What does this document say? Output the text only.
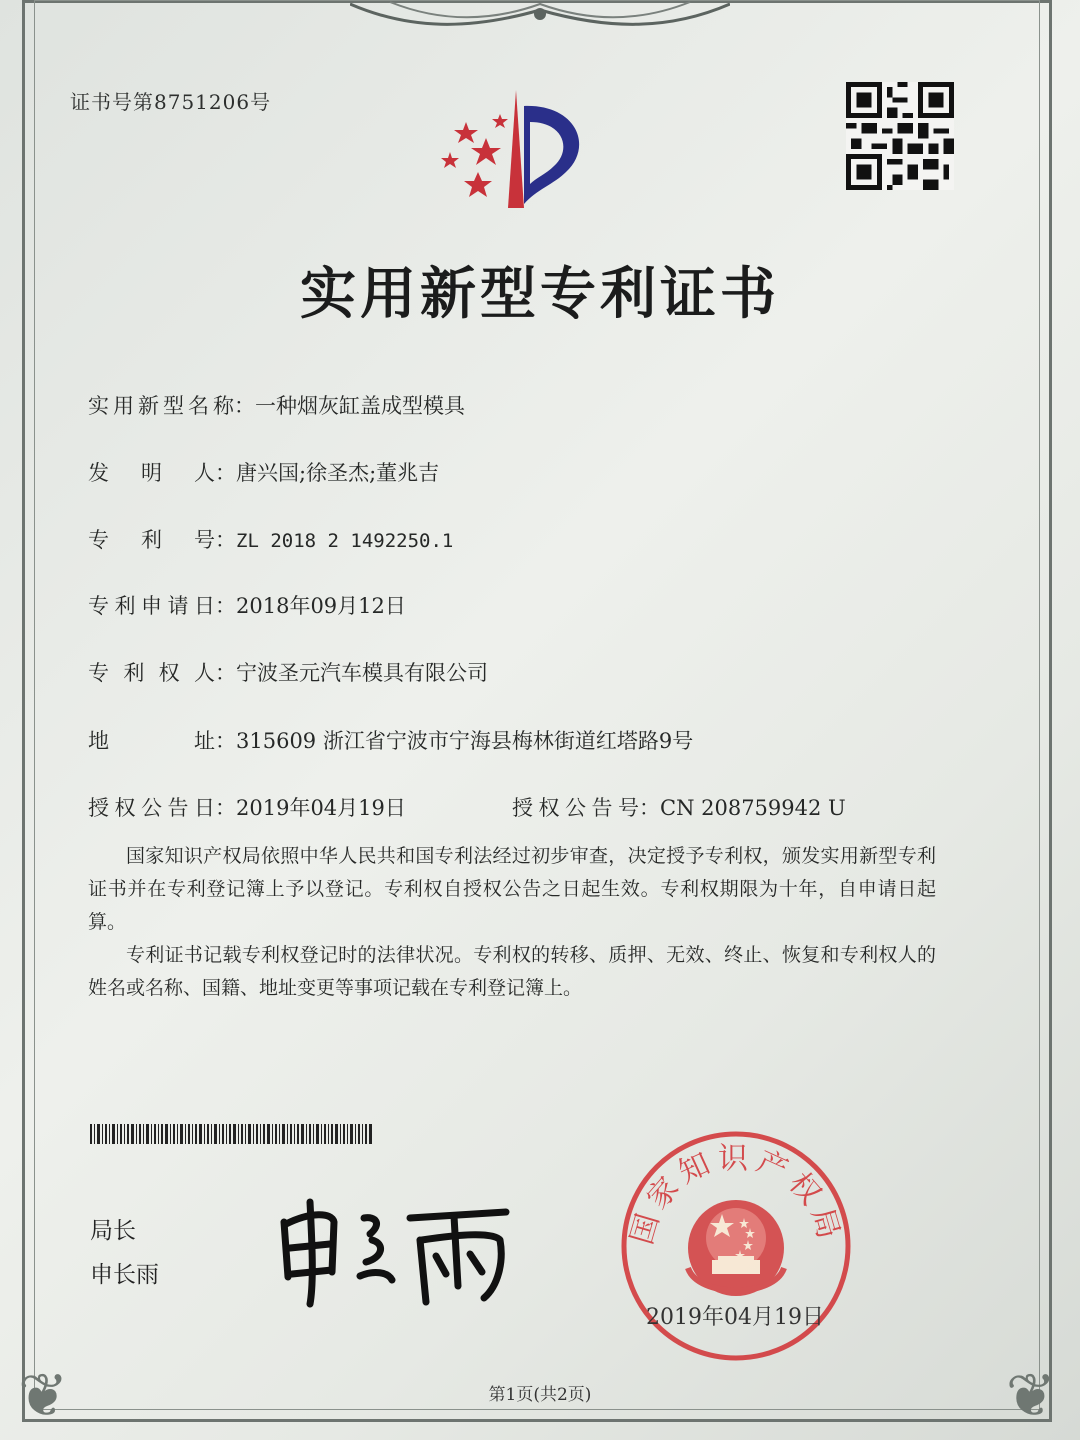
❦	❦
证书号第8751206号
实用新型专利证书
实用新型名称：一种烟灰缸盖成型模具
发明人：唐兴国;徐圣杰;董兆吉
专利号：ZL 2018 2 1492250.1
专利申请日：2018年09月12日
专利权人：宁波圣元汽车模具有限公司
地址：315609 浙江省宁波市宁海县梅林街道红塔路9号
授权公告日：2019年04月19日	授权公告号：CN 208759942 U

国家知识产权局依照中华人民共和国专利法经过初步审查，决定授予专利权，颁发实用新型专利证书并在专利登记簿上予以登记。专利权自授权公告之日起生效。专利权期限为十年，自申请日起算。

专利证书记载专利权登记时的法律状况。专利权的转移、质押、无效、终止、恢复和专利权人的姓名或名称、国籍、地址变更等事项记载在专利登记簿上。

局长
申长雨
国家知识产权局
2019年04月19日
第1页(共2页)
